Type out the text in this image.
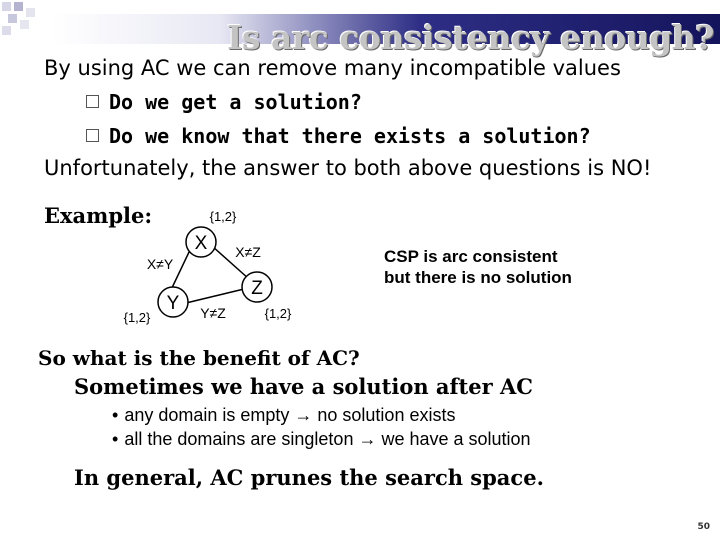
Is arc consistency enough?
By using AC we can remove many incompatible values
Do we get a solution?
Do we know that there exists a solution?
Unfortunately, the answer to both above questions is NO!
Example:
X
Y
Z
{1,2}
{1,2}	{1,2}
X≠Y
X≠Z
Y≠Z
CSP is arc consistent
but there is no solution
So what is the benefit of AC?
Sometimes we have a solution after AC
• any domain is empty → no solution exists
• all the domains are singleton → we have a solution
In general, AC prunes the search space.
50
